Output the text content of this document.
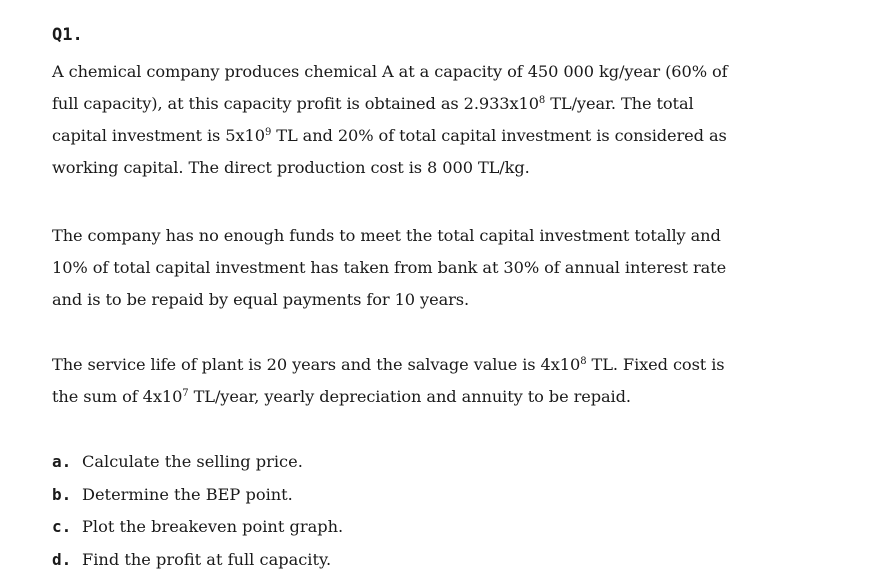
Q1.

A chemical company produces chemical A at a capacity of 450 000 kg/year (60% of
full capacity), at this capacity profit is obtained as $2.933x10^8$ TL/year. The total
capital investment is $5x10^9$ TL and 20% of total capital investment is considered as
working capital. The direct production cost is 8 000 TL/kg.

The company has no enough funds to meet the total capital investment totally and
10% of total capital investment has taken from bank at 30% of annual interest rate
and is to be repaid by equal payments for 10 years.

The service life of plant is 20 years and the salvage value is $4x10^8$ TL. Fixed cost is
the sum of $4x10^7$ TL/year, yearly depreciation and annuity to be repaid.

a. Calculate the selling price.
b. Determine the BEP point.
c. Plot the breakeven point graph.
d. Find the profit at full capacity.
